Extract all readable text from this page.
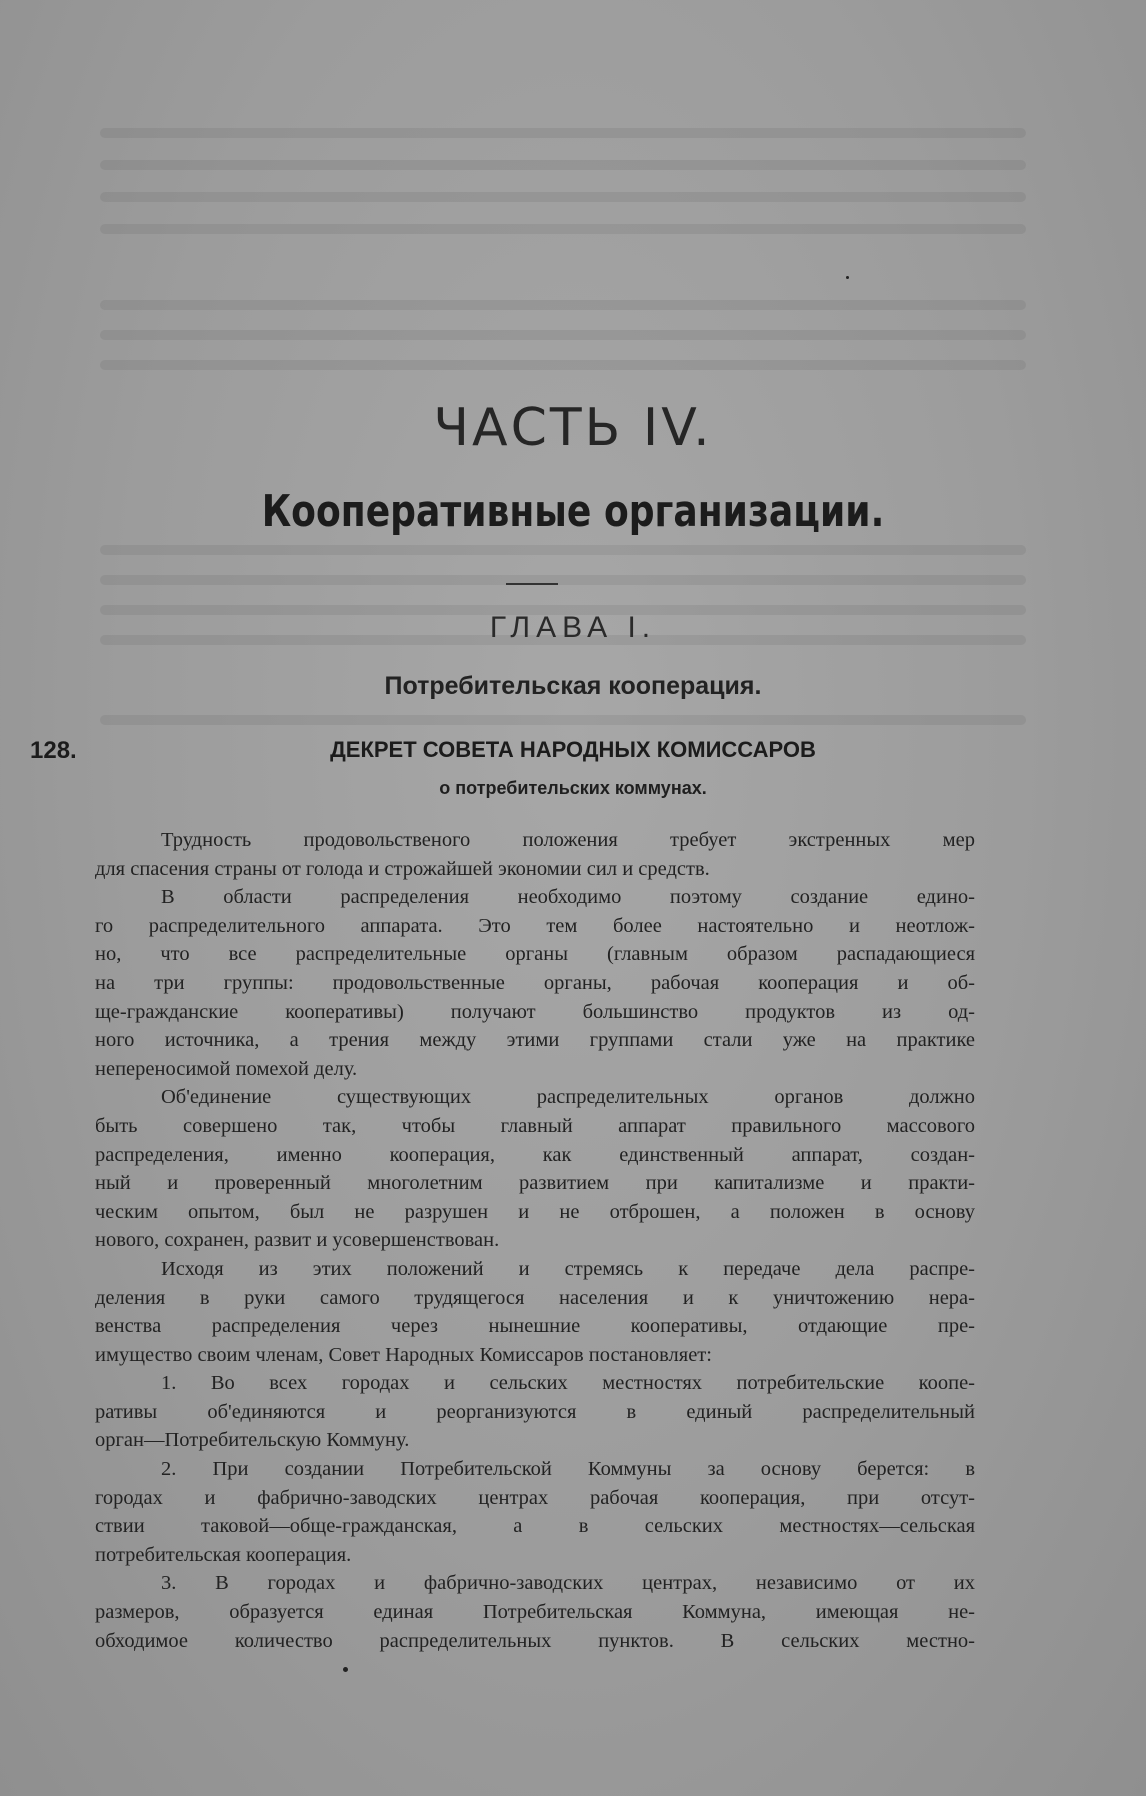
ЧАСТЬ IV.
Кооперативные организации.
ГЛАВА I.
Потребительская кооперация.
128.	ДЕКРЕТ СОВЕТА НАРОДНЫХ КОМИССАРОВ
о потребительских коммунах.
Трудность продовольственого положения требует экстренных мер
для спасения страны от голода и строжайшей экономии сил и средств.
В области распределения необходимо поэтому создание едино-
го распределительного аппарата. Это тем более настоятельно и неотлож-
но, что все распределительные органы (главным образом распадающиеся
на три группы: продовольственные органы, рабочая кооперация и об-
ще-гражданские кооперативы) получают большинство продуктов из од-
ного источника, а трения между этими группами стали уже на практике
непереносимой помехой делу.
Об'единение существующих распределительных органов должно
быть совершено так, чтобы главный аппарат правильного массового
распределения, именно кооперация, как единственный аппарат, создан-
ный и проверенный многолетним развитием при капитализме и практи-
ческим опытом, был не разрушен и не отброшен, а положен в основу
нового, сохранен, развит и усовершенствован.
Исходя из этих положений и стремясь к передаче дела распре-
деления в руки самого трудящегося населения и к уничтожению нера-
венства распределения через нынешние кооперативы, отдающие пре-
имущество своим членам, Совет Народных Комиссаров постановляет:
1. Во всех городах и сельских местностях потребительские коопе-
ративы об'единяются и реорганизуются в единый распределительный
орган—Потребительскую Коммуну.
2. При создании Потребительской Коммуны за основу берется: в
городах и фабрично-заводских центрах рабочая кооперация, при отсут-
ствии таковой—обще-гражданская, а в сельских местностях—сельская
потребительская кооперация.
3. В городах и фабрично-заводских центрах, независимо от их
размеров, образуется единая Потребительская Коммуна, имеющая не-
обходимое количество распределительных пунктов. В сельских местно-
